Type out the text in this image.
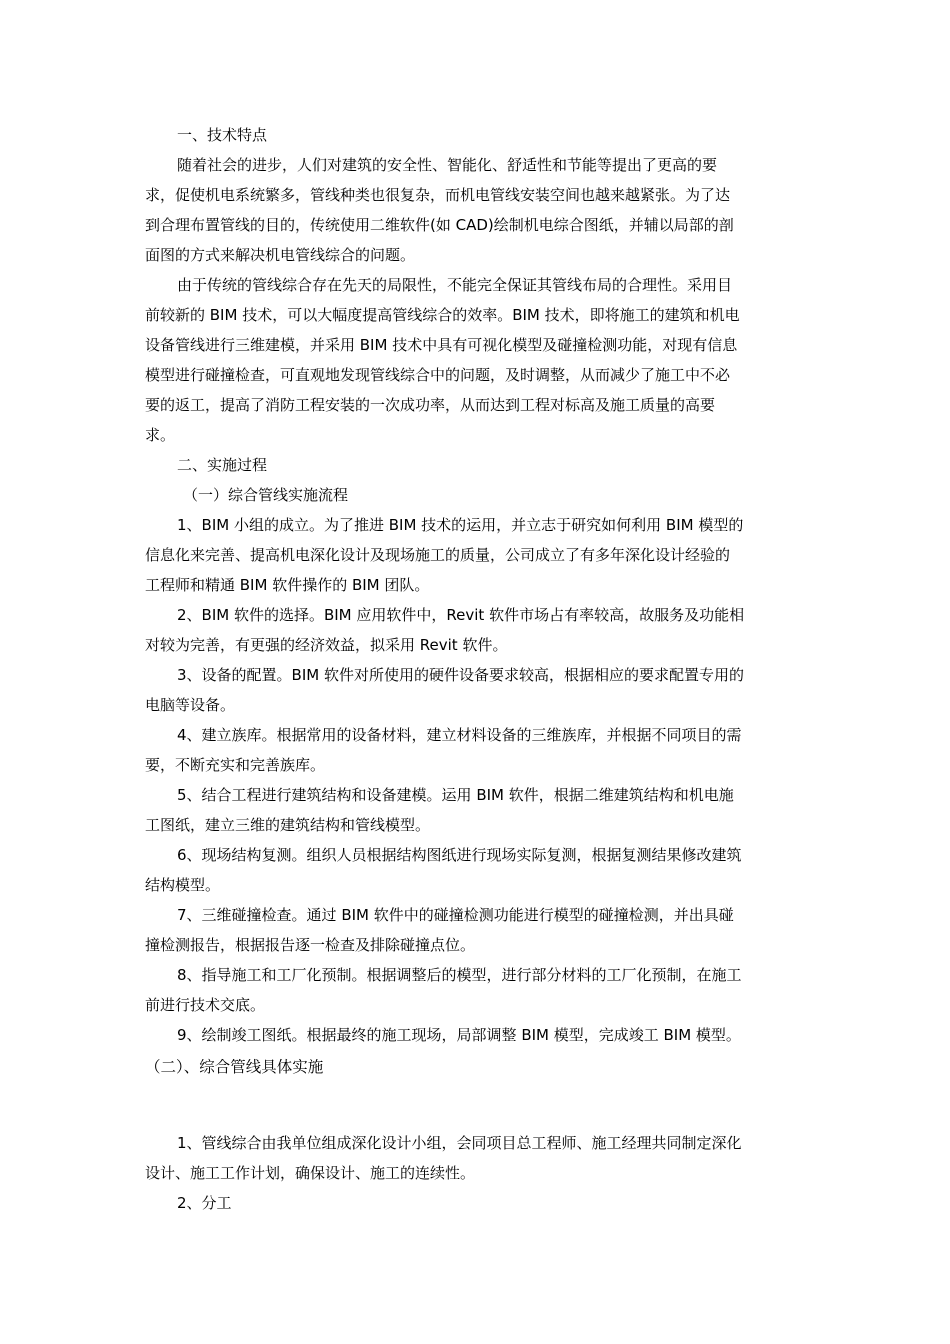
一、技术特点
随着社会的进步，人们对建筑的安全性、智能化、舒适性和节能等提出了更高的要
求，促使机电系统繁多，管线种类也很复杂，而机电管线安装空间也越来越紧张。为了达
到合理布置管线的目的，传统使用二维软件(如 CAD)绘制机电综合图纸，并辅以局部的剖
面图的方式来解决机电管线综合的问题。
由于传统的管线综合存在先天的局限性，不能完全保证其管线布局的合理性。采用目
前较新的 BIM 技术，可以大幅度提高管线综合的效率。BIM 技术，即将施工的建筑和机电
设备管线进行三维建模，并采用 BIM 技术中具有可视化模型及碰撞检测功能，对现有信息
模型进行碰撞检查，可直观地发现管线综合中的问题，及时调整，从而减少了施工中不必
要的返工，提高了消防工程安装的一次成功率，从而达到工程对标高及施工质量的高要
求。
二、实施过程
（一）综合管线实施流程
1、BIM 小组的成立。为了推进 BIM 技术的运用，并立志于研究如何利用 BIM 模型的
信息化来完善、提高机电深化设计及现场施工的质量，公司成立了有多年深化设计经验的
工程师和精通 BIM 软件操作的 BIM 团队。
2、BIM 软件的选择。BIM 应用软件中，Revit 软件市场占有率较高，故服务及功能相
对较为完善，有更强的经济效益，拟采用 Revit 软件。
3、设备的配置。BIM 软件对所使用的硬件设备要求较高，根据相应的要求配置专用的
电脑等设备。
4、建立族库。根据常用的设备材料，建立材料设备的三维族库，并根据不同项目的需
要，不断充实和完善族库。
5、结合工程进行建筑结构和设备建模。运用 BIM 软件，根据二维建筑结构和机电施
工图纸，建立三维的建筑结构和管线模型。
6、现场结构复测。组织人员根据结构图纸进行现场实际复测，根据复测结果修改建筑
结构模型。
7、三维碰撞检查。通过 BIM 软件中的碰撞检测功能进行模型的碰撞检测，并出具碰
撞检测报告，根据报告逐一检查及排除碰撞点位。
8、指导施工和工厂化预制。根据调整后的模型，进行部分材料的工厂化预制，在施工
前进行技术交底。
9、绘制竣工图纸。根据最终的施工现场，局部调整 BIM 模型，完成竣工 BIM 模型。
（二）、综合管线具体实施
1、管线综合由我单位组成深化设计小组，会同项目总工程师、施工经理共同制定深化
设计、施工工作计划，确保设计、施工的连续性。
2、分工
